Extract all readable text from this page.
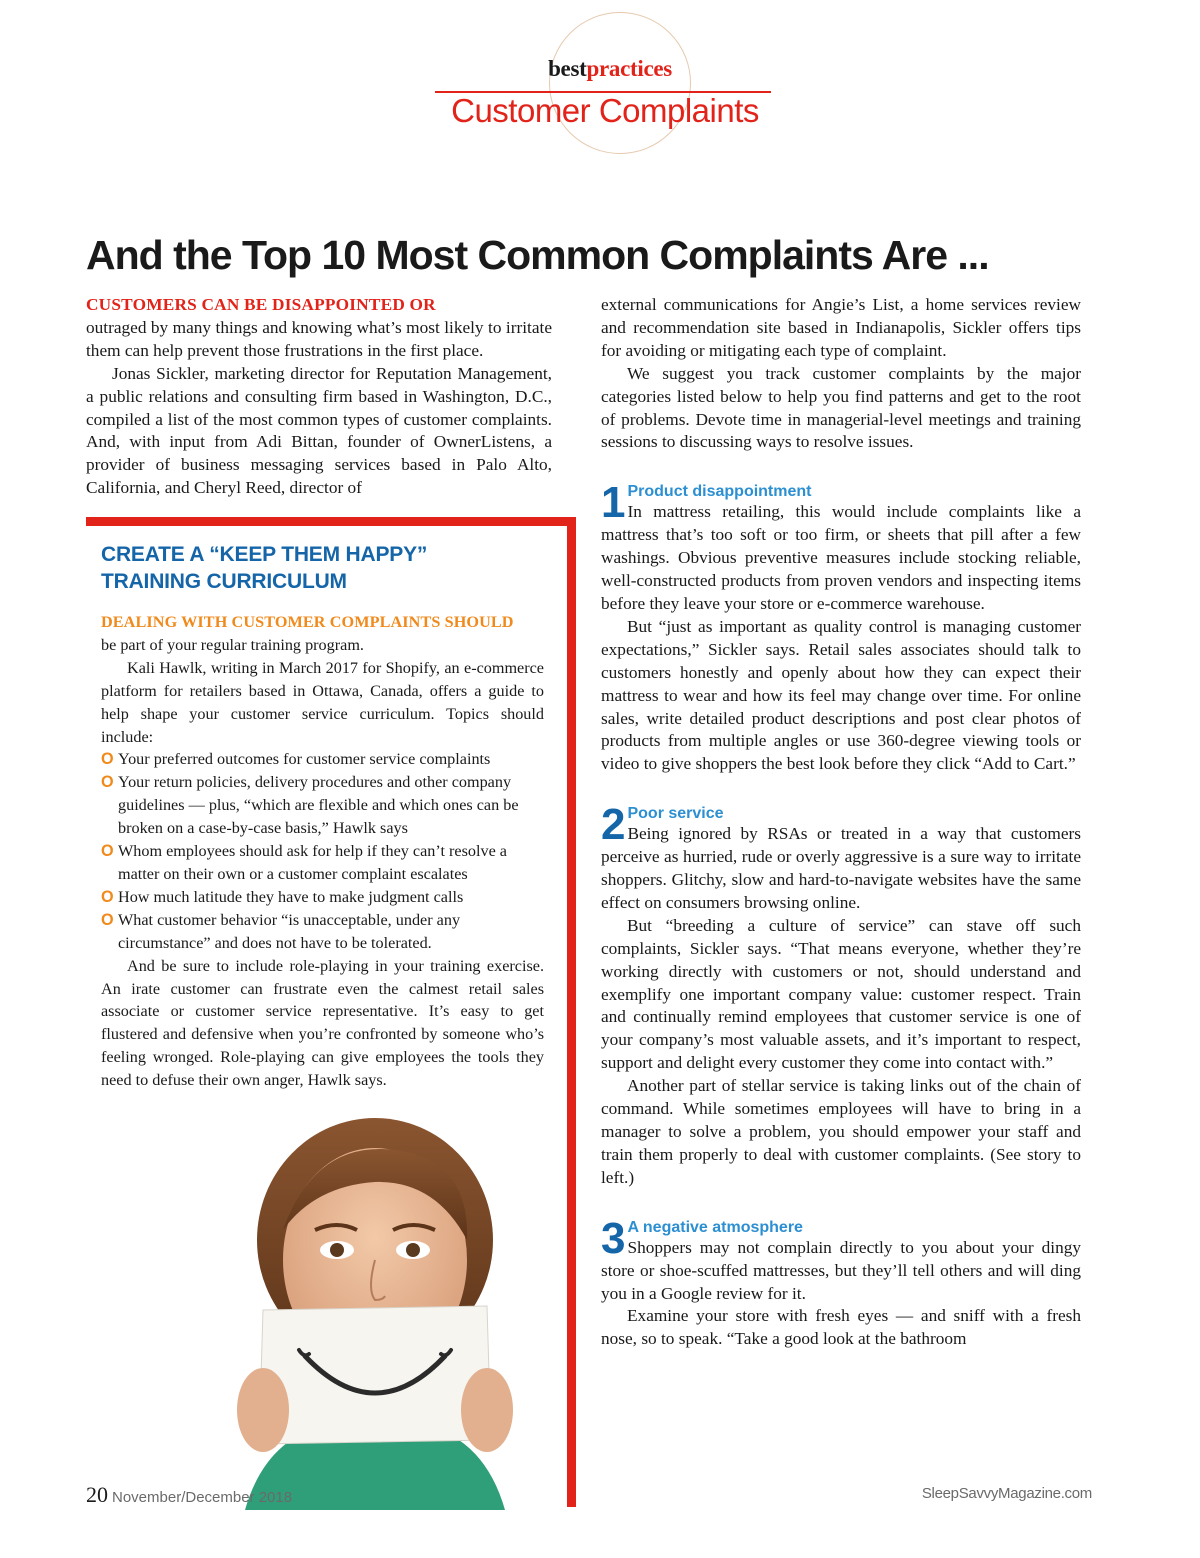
bestpractices
Customer Complaints
And the Top 10 Most Common Complaints Are ...

CUSTOMERS CAN BE DISAPPOINTED OR
outraged by many things and knowing what’s most likely to irritate them can help prevent those frustrations in the first place.

Jonas Sickler, marketing director for Reputation Management, a public relations and consulting firm based in Washington, D.C., compiled a list of the most common types of customer complaints. And, with input from Adi Bittan, founder of OwnerListens, a provider of business messaging services based in Palo Alto, California, and Cheryl Reed, director of

CREATE A “KEEP THEM HAPPY”
TRAINING CURRICULUM

DEALING WITH CUSTOMER COMPLAINTS SHOULD
be part of your regular training program.

Kali Hawlk, writing in March 2017 for Shopify, an e-commerce platform for retailers based in Ottawa, Canada, offers a guide to help shape your customer service curriculum. Topics should include:

O Your preferred outcomes for customer service complaints

O Your return policies, delivery procedures and other company guidelines — plus, “which are flexible and which ones can be broken on a case-by-case basis,” Hawlk says

O Whom employees should ask for help if they can’t resolve a matter on their own or a customer complaint escalates

O How much latitude they have to make judgment calls

O What customer behavior “is unacceptable, under any circumstance” and does not have to be tolerated.

And be sure to include role-playing in your training exercise. An irate customer can frustrate even the calmest retail sales associate or customer service representative. It’s easy to get flustered and defensive when you’re confronted by someone who’s feeling wronged. Role-playing can give employees the tools they need to defuse their own anger, Hawlk says.

external communications for Angie’s List, a home services review and recommendation site based in Indianapolis, Sickler offers tips for avoiding or mitigating each type of complaint.

We suggest you track customer complaints by the major categories listed below to help you find patterns and get to the root of problems. Devote time in managerial-level meetings and training sessions to discussing ways to resolve issues.

1 Product disappointment

In mattress retailing, this would include complaints like a mattress that’s too soft or too firm, or sheets that pill after a few washings. Obvious preventive measures include stocking reliable, well-constructed products from proven vendors and inspecting items before they leave your store or e-commerce warehouse.

But “just as important as quality control is managing customer expectations,” Sickler says. Retail sales associates should talk to customers honestly and openly about how they can expect their mattress to wear and how its feel may change over time. For online sales, write detailed product descriptions and post clear photos of products from multiple angles or use 360-degree viewing tools or video to give shoppers the best look before they click “Add to Cart.”

2 Poor service

Being ignored by RSAs or treated in a way that customers perceive as hurried, rude or overly aggressive is a sure way to irritate shoppers. Glitchy, slow and hard-to-navigate websites have the same effect on consumers browsing online.

But “breeding a culture of service” can stave off such complaints, Sickler says. “That means everyone, whether they’re working directly with customers or not, should understand and exemplify one important company value: customer respect. Train and continually remind employees that customer service is one of your company’s most valuable assets, and it’s important to respect, support and delight every customer they come into contact with.”

Another part of stellar service is taking links out of the chain of command. While sometimes employees will have to bring in a manager to solve a problem, you should empower your staff and train them properly to deal with customer complaints. (See story to left.)

3 A negative atmosphere

Shoppers may not complain directly to you about your dingy store or shoe-scuffed mattresses, but they’ll tell others and will ding you in a Google review for it.

Examine your store with fresh eyes — and sniff with a fresh nose, so to speak. “Take a good look at the bathroom

20 November/December 2018	SleepSavvyMagazine.com
